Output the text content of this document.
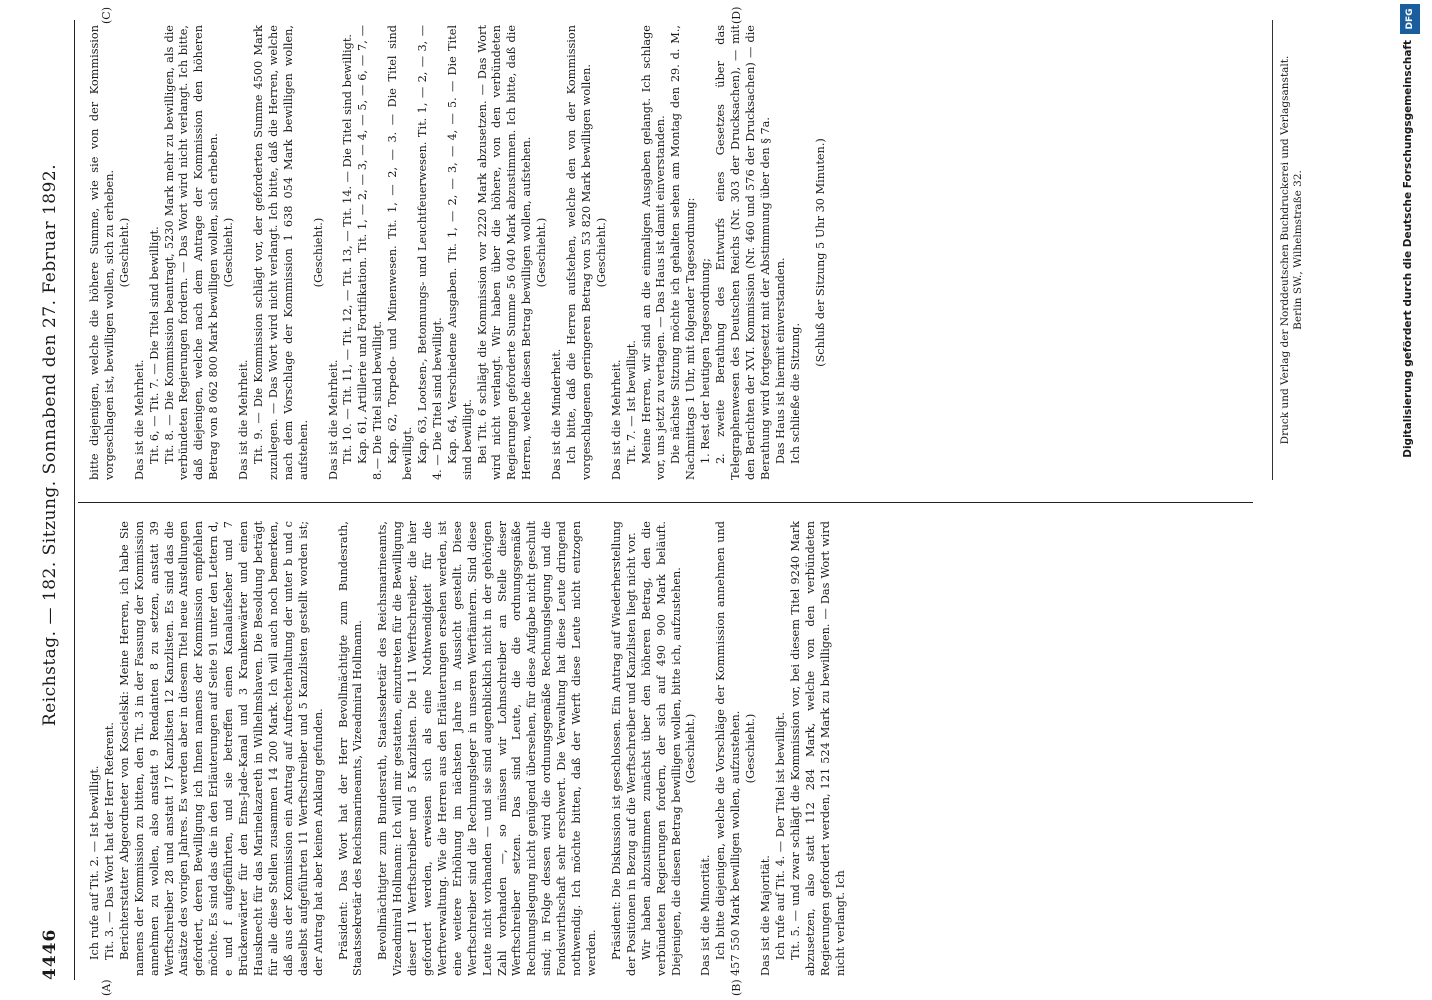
4446
Reichstag. — 182. Sitzung. Sonnabend den 27. Februar 1892.
(A)	(B)
(C)	(D)

Ich rufe auf Tit. 2. — Ist bewilligt. Tit. 3. — Das Wort hat der Herr Referent. Berichterstatter Abgeordneter von Koscielski: Meine Herren, ich habe Sie namens der Kommission zu bitten, den Tit. 3 in der Fassung der Kommission annehmen zu wollen, also anstatt 9 Rendanten 8 zu setzen, anstatt 39 Werftschreiber 28 und anstatt 17 Kanzlisten 12 Kanzlisten. Es sind das die Ansätze des vorigen Jahres. Es werden aber in diesem Titel neue Anstellungen gefordert, deren Bewilligung ich Ihnen namens der Kommission empfehlen möchte. Es sind das die in den Erläuterungen auf Seite 91 unter den Lettern d, e und f aufgeführten, und sie betreffen einen Kanalaufseher und 7 Brückenwärter für den Ems-Jade-Kanal und 3 Krankenwärter und einen Hausknecht für das Marinelazareth in Wilhelmshaven. Die Besoldung beträgt für alle diese Stellen zusammen 14 200 Mark. Ich will auch noch bemerken, daß aus der Kommission ein Antrag auf Aufrechterhaltung der unter b und c daselbst aufgeführten 11 Werftschreiber und 5 Kanzlisten gestellt worden ist; der Antrag hat aber keinen Anklang gefunden. Präsident: Das Wort hat der Herr Bevollmächtigte zum Bundesrath, Staatssekretär des Reichsmarineamts, Vizeadmiral Hollmann. Bevollmächtigter zum Bundesrath, Staatssekretär des Reichsmarineamts, Vizeadmiral Hollmann: Ich will mir gestatten, einzutreten für die Bewilligung dieser 11 Werftschreiber und 5 Kanzlisten. Die 11 Werftschreiber, die hier gefordert werden, erweisen sich als eine Nothwendigkeit für die Werftverwaltung. Wie die Herren aus den Erläuterungen ersehen werden, ist eine weitere Erhöhung im nächsten Jahre in Aussicht gestellt. Diese Werftschreiber sind die Rechnungsleger in unseren Werftämtern. Sind diese Leute nicht vorhanden — und sie sind augenblicklich nicht in der gehörigen Zahl vorhanden —, so müssen wir Lohnschreiber an Stelle dieser Werftschreiber setzen. Das sind Leute, die die ordnungsgemäße Rechnungslegung nicht genügend übersehen, für diese Aufgabe nicht geschult sind; in Folge dessen wird die ordnungsgemäße Rechnungslegung und die Fondswirthschaft sehr erschwert. Die Verwaltung hat diese Leute dringend nothwendig. Ich möchte bitten, daß der Werft diese Leute nicht entzogen werden. Präsident: Die Diskussion ist geschlossen. Ein Antrag auf Wiederherstellung der Positionen in Bezug auf die Werftschreiber und Kanzlisten liegt nicht vor. Wir haben abzustimmen zunächst über den höheren Betrag, den die verbündeten Regierungen fordern, der sich auf 490 900 Mark beläuft. Diejenigen, die diesen Betrag bewilligen wollen, bitte ich, aufzustehen. (Geschieht.)

Das ist die Minorität. Ich bitte diejenigen, welche die Vorschläge der Kommission annehmen und 457 550 Mark bewilligen wollen, aufzustehen. (Geschieht.)

Das ist die Majorität. Ich rufe auf Tit. 4. — Der Titel ist bewilligt. Tit. 5. — und zwar schlägt die Kommission vor, bei diesem Titel 9240 Mark abzusetzen, also statt 112 284 Mark, welche von den verbündeten Regierungen gefordert werden, 121 524 Mark zu bewilligen. — Das Wort wird nicht verlangt. Ich

bitte diejenigen, welche die höhere Summe, wie sie von der Kommission vorgeschlagen ist, bewilligen wollen, sich zu erheben. (Geschieht.)

Das ist die Mehrheit. Tit. 6, — Tit. 7. — Die Titel sind bewilligt. Tit. 8. — Die Kommission beantragt, 5230 Mark mehr zu bewilligen, als die verbündeten Regierungen fordern. — Das Wort wird nicht verlangt. Ich bitte, daß diejenigen, welche nach dem Antrage der Kommission den höheren Betrag von 8 062 800 Mark bewilligen wollen, sich erheben. (Geschieht.)

Das ist die Mehrheit. Tit. 9. — Die Kommission schlägt vor, der geforderten Summe 4500 Mark zuzulegen. — Das Wort wird nicht verlangt. Ich bitte, daß die Herren, welche nach dem Vorschlage der Kommission 1 638 054 Mark bewilligen wollen, aufstehen.

(Geschieht.)

Das ist die Mehrheit. Tit. 10. — Tit. 11, — Tit. 12, — Tit. 13, — Tit. 14. — Die Titel sind bewilligt. Kap. 61, Artillerie und Fortifikation. Tit. 1, — 2, — 3, — 4, — 5, — 6, — 7, — 8.— Die Titel sind bewilligt. Kap. 62, Torpedo- und Minenwesen. Tit. 1, — 2, — 3. — Die Titel sind bewilligt. Kap. 63, Lootsen-, Betonnungs- und Leuchtfeuerwesen. Tit. 1, — 2, — 3, — 4. — Die Titel sind bewilligt. Kap. 64, Verschiedene Ausgaben. Tit. 1, — 2, — 3, — 4, — 5. — Die Titel sind bewilligt. Bei Tit. 6 schlägt die Kommission vor 2220 Mark abzusetzen. — Das Wort wird nicht verlangt. Wir haben über die höhere, von den verbündeten Regierungen geforderte Summe 56 040 Mark abzustimmen. Ich bitte, daß die Herren, welche diesen Betrag bewilligen wollen, aufstehen. (Geschieht.)

Das ist die Minderheit. Ich bitte, daß die Herren aufstehen, welche den von der Kommission vorgeschlagenen geringeren Betrag von 53 820 Mark bewilligen wollen. (Geschieht.)

Das ist die Mehrheit. Tit. 7. — Ist bewilligt. Meine Herren, wir sind an die einmaligen Ausgaben gelangt. Ich schlage vor, uns jetzt zu vertagen. — Das Haus ist damit einverstanden. Die nächste Sitzung möchte ich gehalten sehen am Montag den 29. d. M., Nachmittags 1 Uhr, mit folgender Tagesordnung: 1. Rest der heutigen Tagesordnung; 2. zweite Berathung des Entwurfs eines Gesetzes über das Telegraphenwesen des Deutschen Reichs (Nr. 303 der Drucksachen), — mit den Berichten der XVI. Kommission (Nr. 460 und 576 der Drucksachen) — die Berathung wird fortgesetzt mit der Abstimmung über den § 7a. Das Haus ist hiermit einverstanden. Ich schließe die Sitzung.

(Schluß der Sitzung 5 Uhr 30 Minuten.)	Druck und Verlag der Norddeutschen Buchdruckerei und Verlagsanstalt. Berlin SW., Wilhelmstraße 32.	Digitalisierung gefördert durch die Deutsche Forschungsgemeinschaft
DFG
